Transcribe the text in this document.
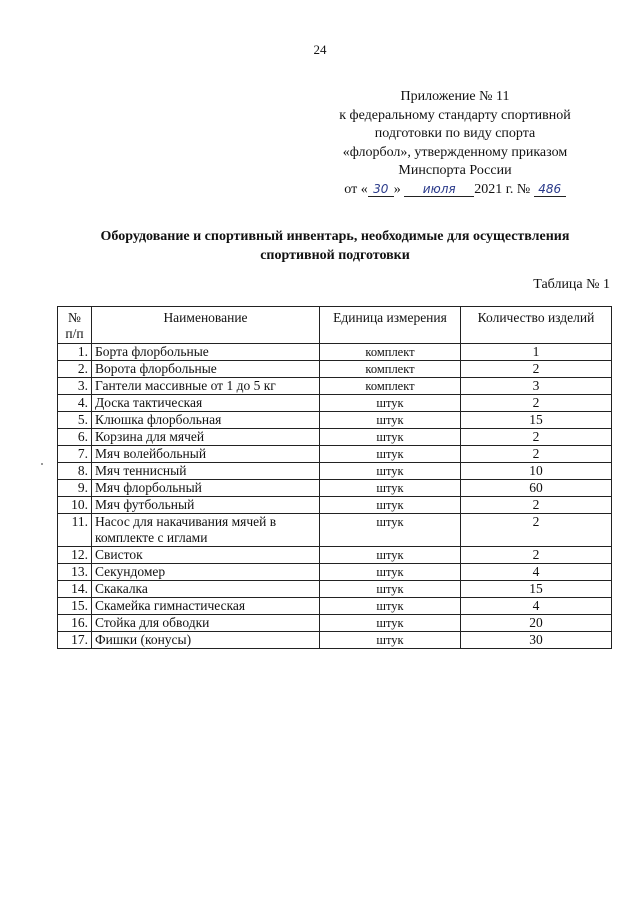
24
Приложение № 11
к федеральному стандарту спортивной
подготовки по виду спорта
«флорбол», утвержденному приказом
Минспорта России
от « 30 » июля 2021 г. № 486
Оборудование и спортивный инвентарь, необходимые для осуществления
спортивной подготовки
Таблица № 1
№
п/п	Наименование	Единица измерения	Количество изделий
1.	Борта флорбольные	комплект	1
2.	Ворота флорбольные	комплект	2
3.	Гантели массивные от 1 до 5 кг	комплект	3
4.	Доска тактическая	штук	2
5.	Клюшка флорбольная	штук	15
6.	Корзина для мячей	штук	2
7.	Мяч волейбольный	штук	2
8.	Мяч теннисный	штук	10
9.	Мяч флорбольный	штук	60
10.	Мяч футбольный	штук	2
11.	Насос для накачивания мячей в комплекте с иглами	штук	2
12.	Свисток	штук	2
13.	Секундомер	штук	4
14.	Скакалка	штук	15
15.	Скамейка гимнастическая	штук	4
16.	Стойка для обводки	штук	20
17.	Фишки (конусы)	штук	30
